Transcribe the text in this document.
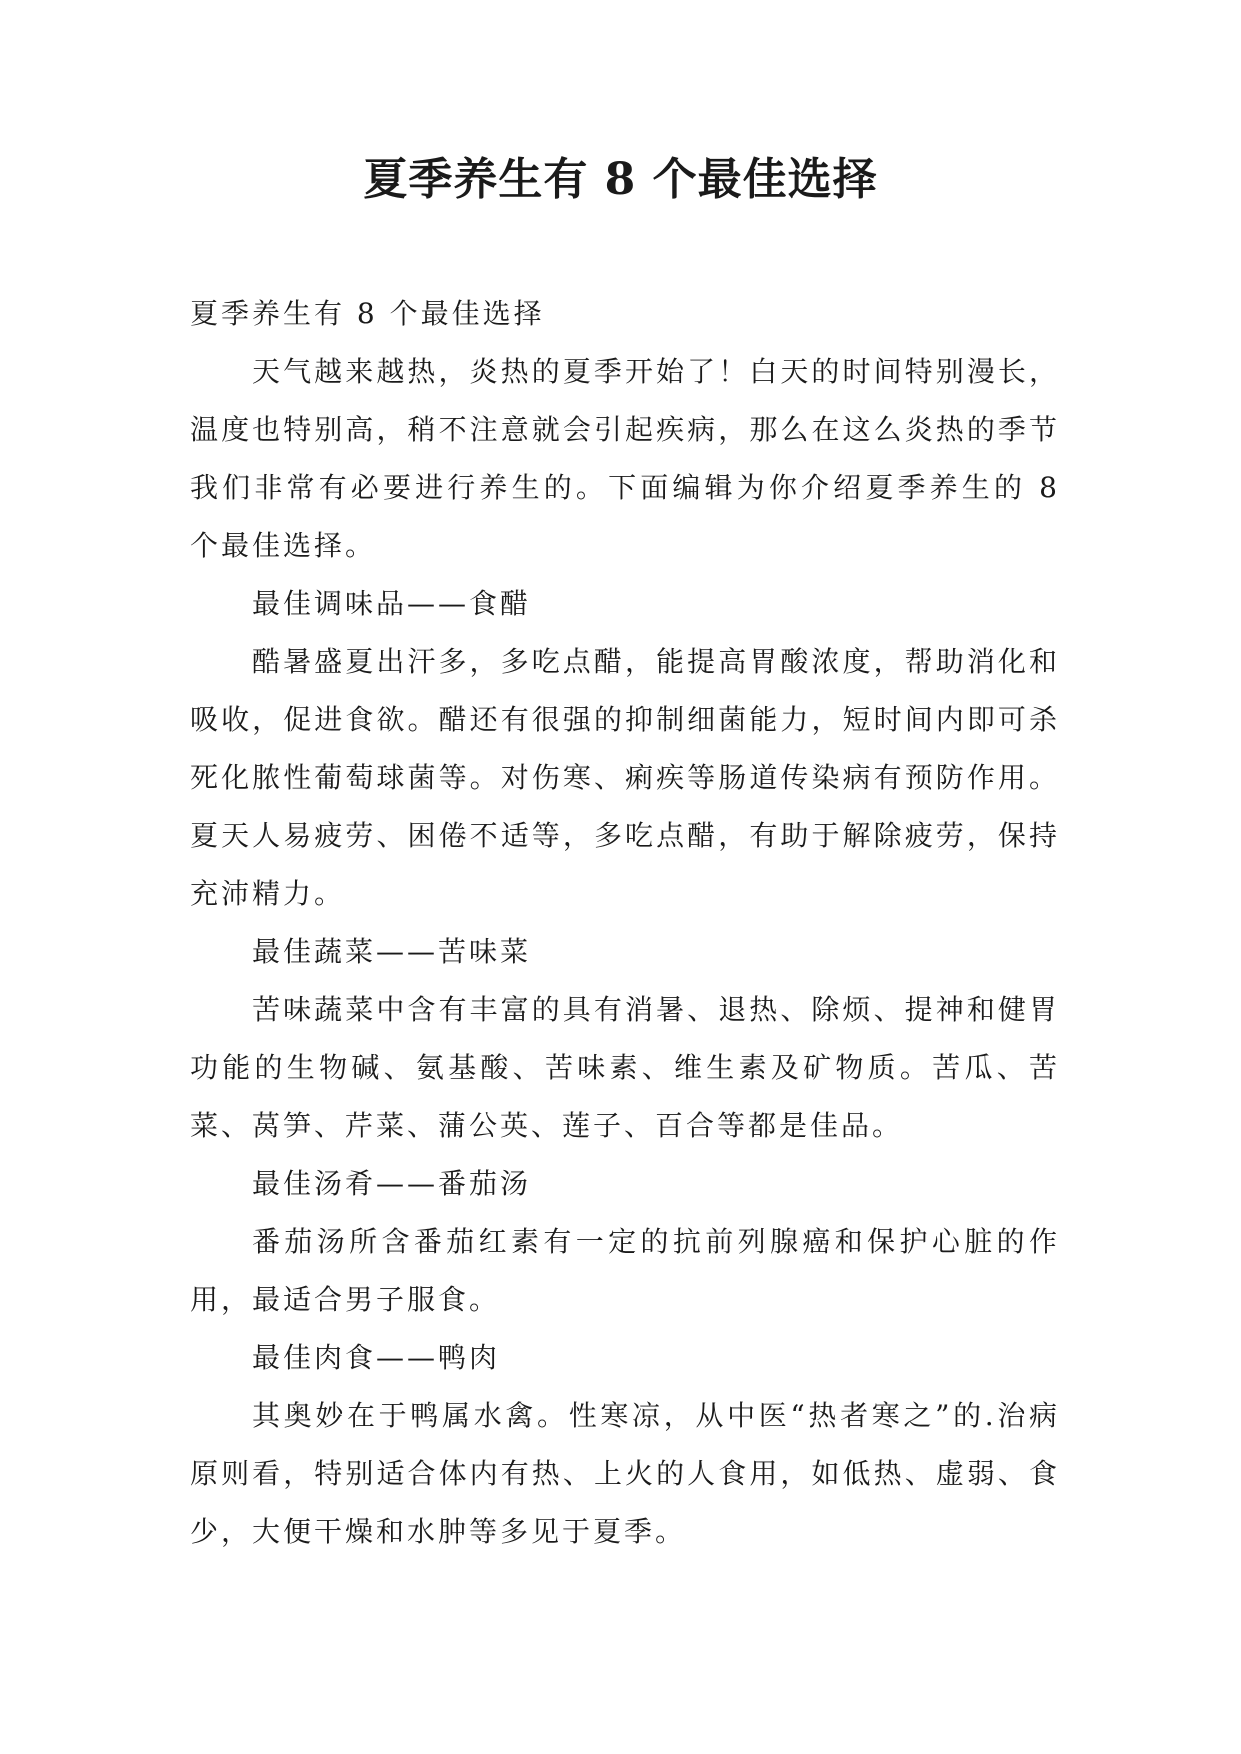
夏季养生有 8 个最佳选择

夏季养生有 8 个最佳选择

天气越来越热，炎热的夏季开始了！白天的时间特别漫长，温度也特别高，稍不注意就会引起疾病，那么在这么炎热的季节我们非常有必要进行养生的。下面编辑为你介绍夏季养生的 8 个最佳选择。

最佳调味品——食醋

酷暑盛夏出汗多，多吃点醋，能提高胃酸浓度，帮助消化和吸收，促进食欲。醋还有很强的抑制细菌能力，短时间内即可杀死化脓性葡萄球菌等。对伤寒、痢疾等肠道传染病有预防作用。夏天人易疲劳、困倦不适等，多吃点醋，有助于解除疲劳，保持充沛精力。

最佳蔬菜——苦味菜

苦味蔬菜中含有丰富的具有消暑、退热、除烦、提神和健胃功能的生物碱、氨基酸、苦味素、维生素及矿物质。苦瓜、苦菜、莴笋、芹菜、蒲公英、莲子、百合等都是佳品。

最佳汤肴——番茄汤

番茄汤所含番茄红素有一定的抗前列腺癌和保护心脏的作用，最适合男子服食。

最佳肉食——鸭肉

其奥妙在于鸭属水禽。性寒凉，从中医“热者寒之”的.治病原则看，特别适合体内有热、上火的人食用，如低热、虚弱、食少，大便干燥和水肿等多见于夏季。
